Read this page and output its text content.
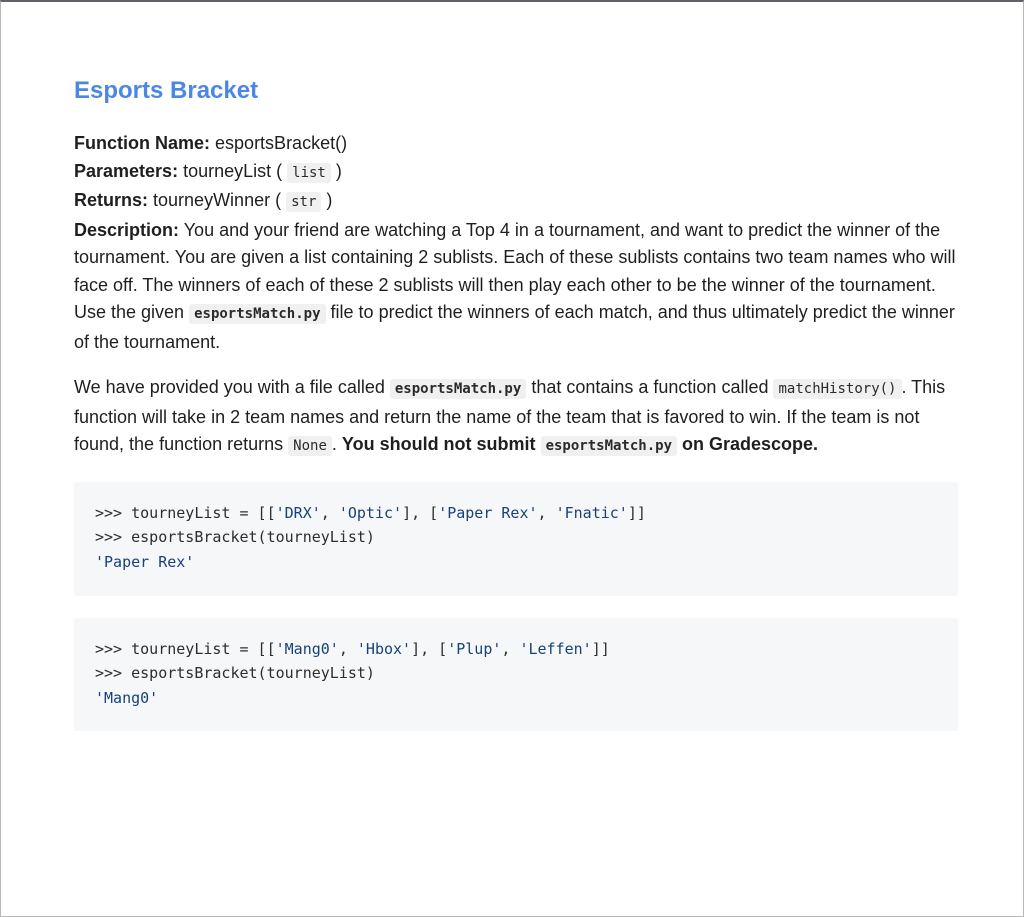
Esports Bracket
Function Name: esportsBracket()
Parameters: tourneyList ( list )
Returns: tourneyWinner ( str )
Description: You and your friend are watching a Top 4 in a tournament, and want to predict the winner of the tournament. You are given a list containing 2 sublists. Each of these sublists contains two team names who will face off. The winners of each of these 2 sublists will then play each other to be the winner of the tournament. Use the given esportsMatch.py file to predict the winners of each match, and thus ultimately predict the winner of the tournament.

We have provided you with a file called esportsMatch.py that contains a function called matchHistory() . This function will take in 2 team names and return the name of the team that is favored to win. If the team is not found, the function returns None . You should not submit esportsMatch.py on Gradescope.

>>> tourneyList = [['DRX', 'Optic'], ['Paper Rex', 'Fnatic']]
>>> esportsBracket(tourneyList)
'Paper Rex'
>>> tourneyList = [['Mang0', 'Hbox'], ['Plup', 'Leffen']]
>>> esportsBracket(tourneyList)
'Mang0'
